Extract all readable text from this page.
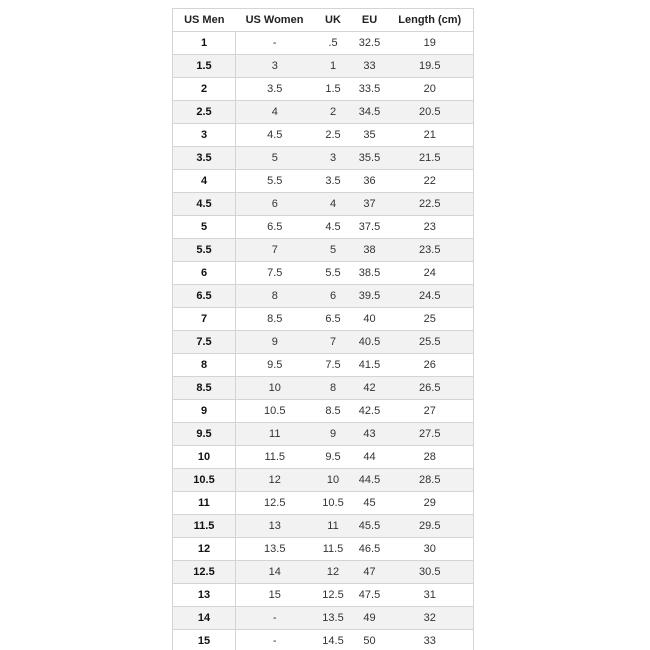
US Men	US Women	UK	EU	Length (cm)
1	-	.5	32.5	19
1.5	3	1	33	19.5
2	3.5	1.5	33.5	20
2.5	4	2	34.5	20.5
3	4.5	2.5	35	21
3.5	5	3	35.5	21.5
4	5.5	3.5	36	22
4.5	6	4	37	22.5
5	6.5	4.5	37.5	23
5.5	7	5	38	23.5
6	7.5	5.5	38.5	24
6.5	8	6	39.5	24.5
7	8.5	6.5	40	25
7.5	9	7	40.5	25.5
8	9.5	7.5	41.5	26
8.5	10	8	42	26.5
9	10.5	8.5	42.5	27
9.5	11	9	43	27.5
10	11.5	9.5	44	28
10.5	12	10	44.5	28.5
11	12.5	10.5	45	29
11.5	13	11	45.5	29.5
12	13.5	11.5	46.5	30
12.5	14	12	47	30.5
13	15	12.5	47.5	31
14	-	13.5	49	32
15	-	14.5	50	33
